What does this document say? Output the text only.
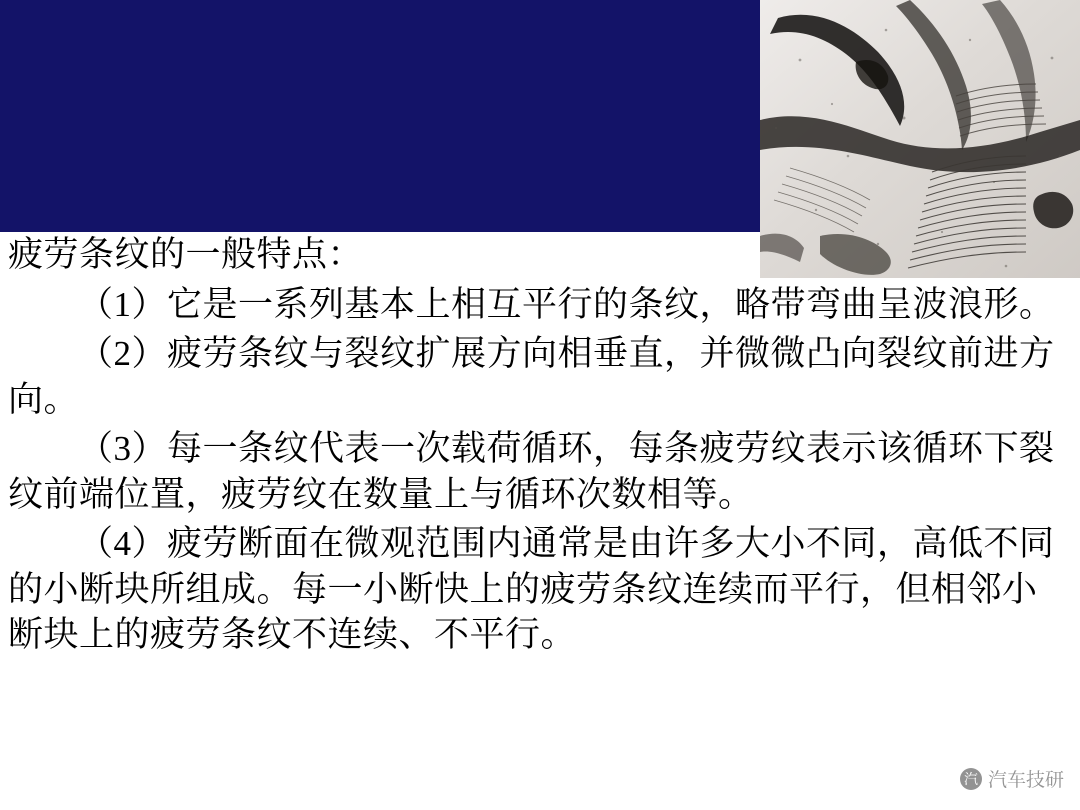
疲劳条纹的一般特点：

（1）它是一系列基本上相互平行的条纹，略带弯曲呈波浪形。

（2）疲劳条纹与裂纹扩展方向相垂直，并微微凸向裂纹前进方向。

（3）每一条纹代表一次载荷循环，每条疲劳纹表示该循环下裂纹前端位置，疲劳纹在数量上与循环次数相等。

（4）疲劳断面在微观范围内通常是由许多大小不同，高低不同的小断块所组成。每一小断快上的疲劳条纹连续而平行，但相邻小断块上的疲劳条纹不连续、不平行。

汽 汽车技研
